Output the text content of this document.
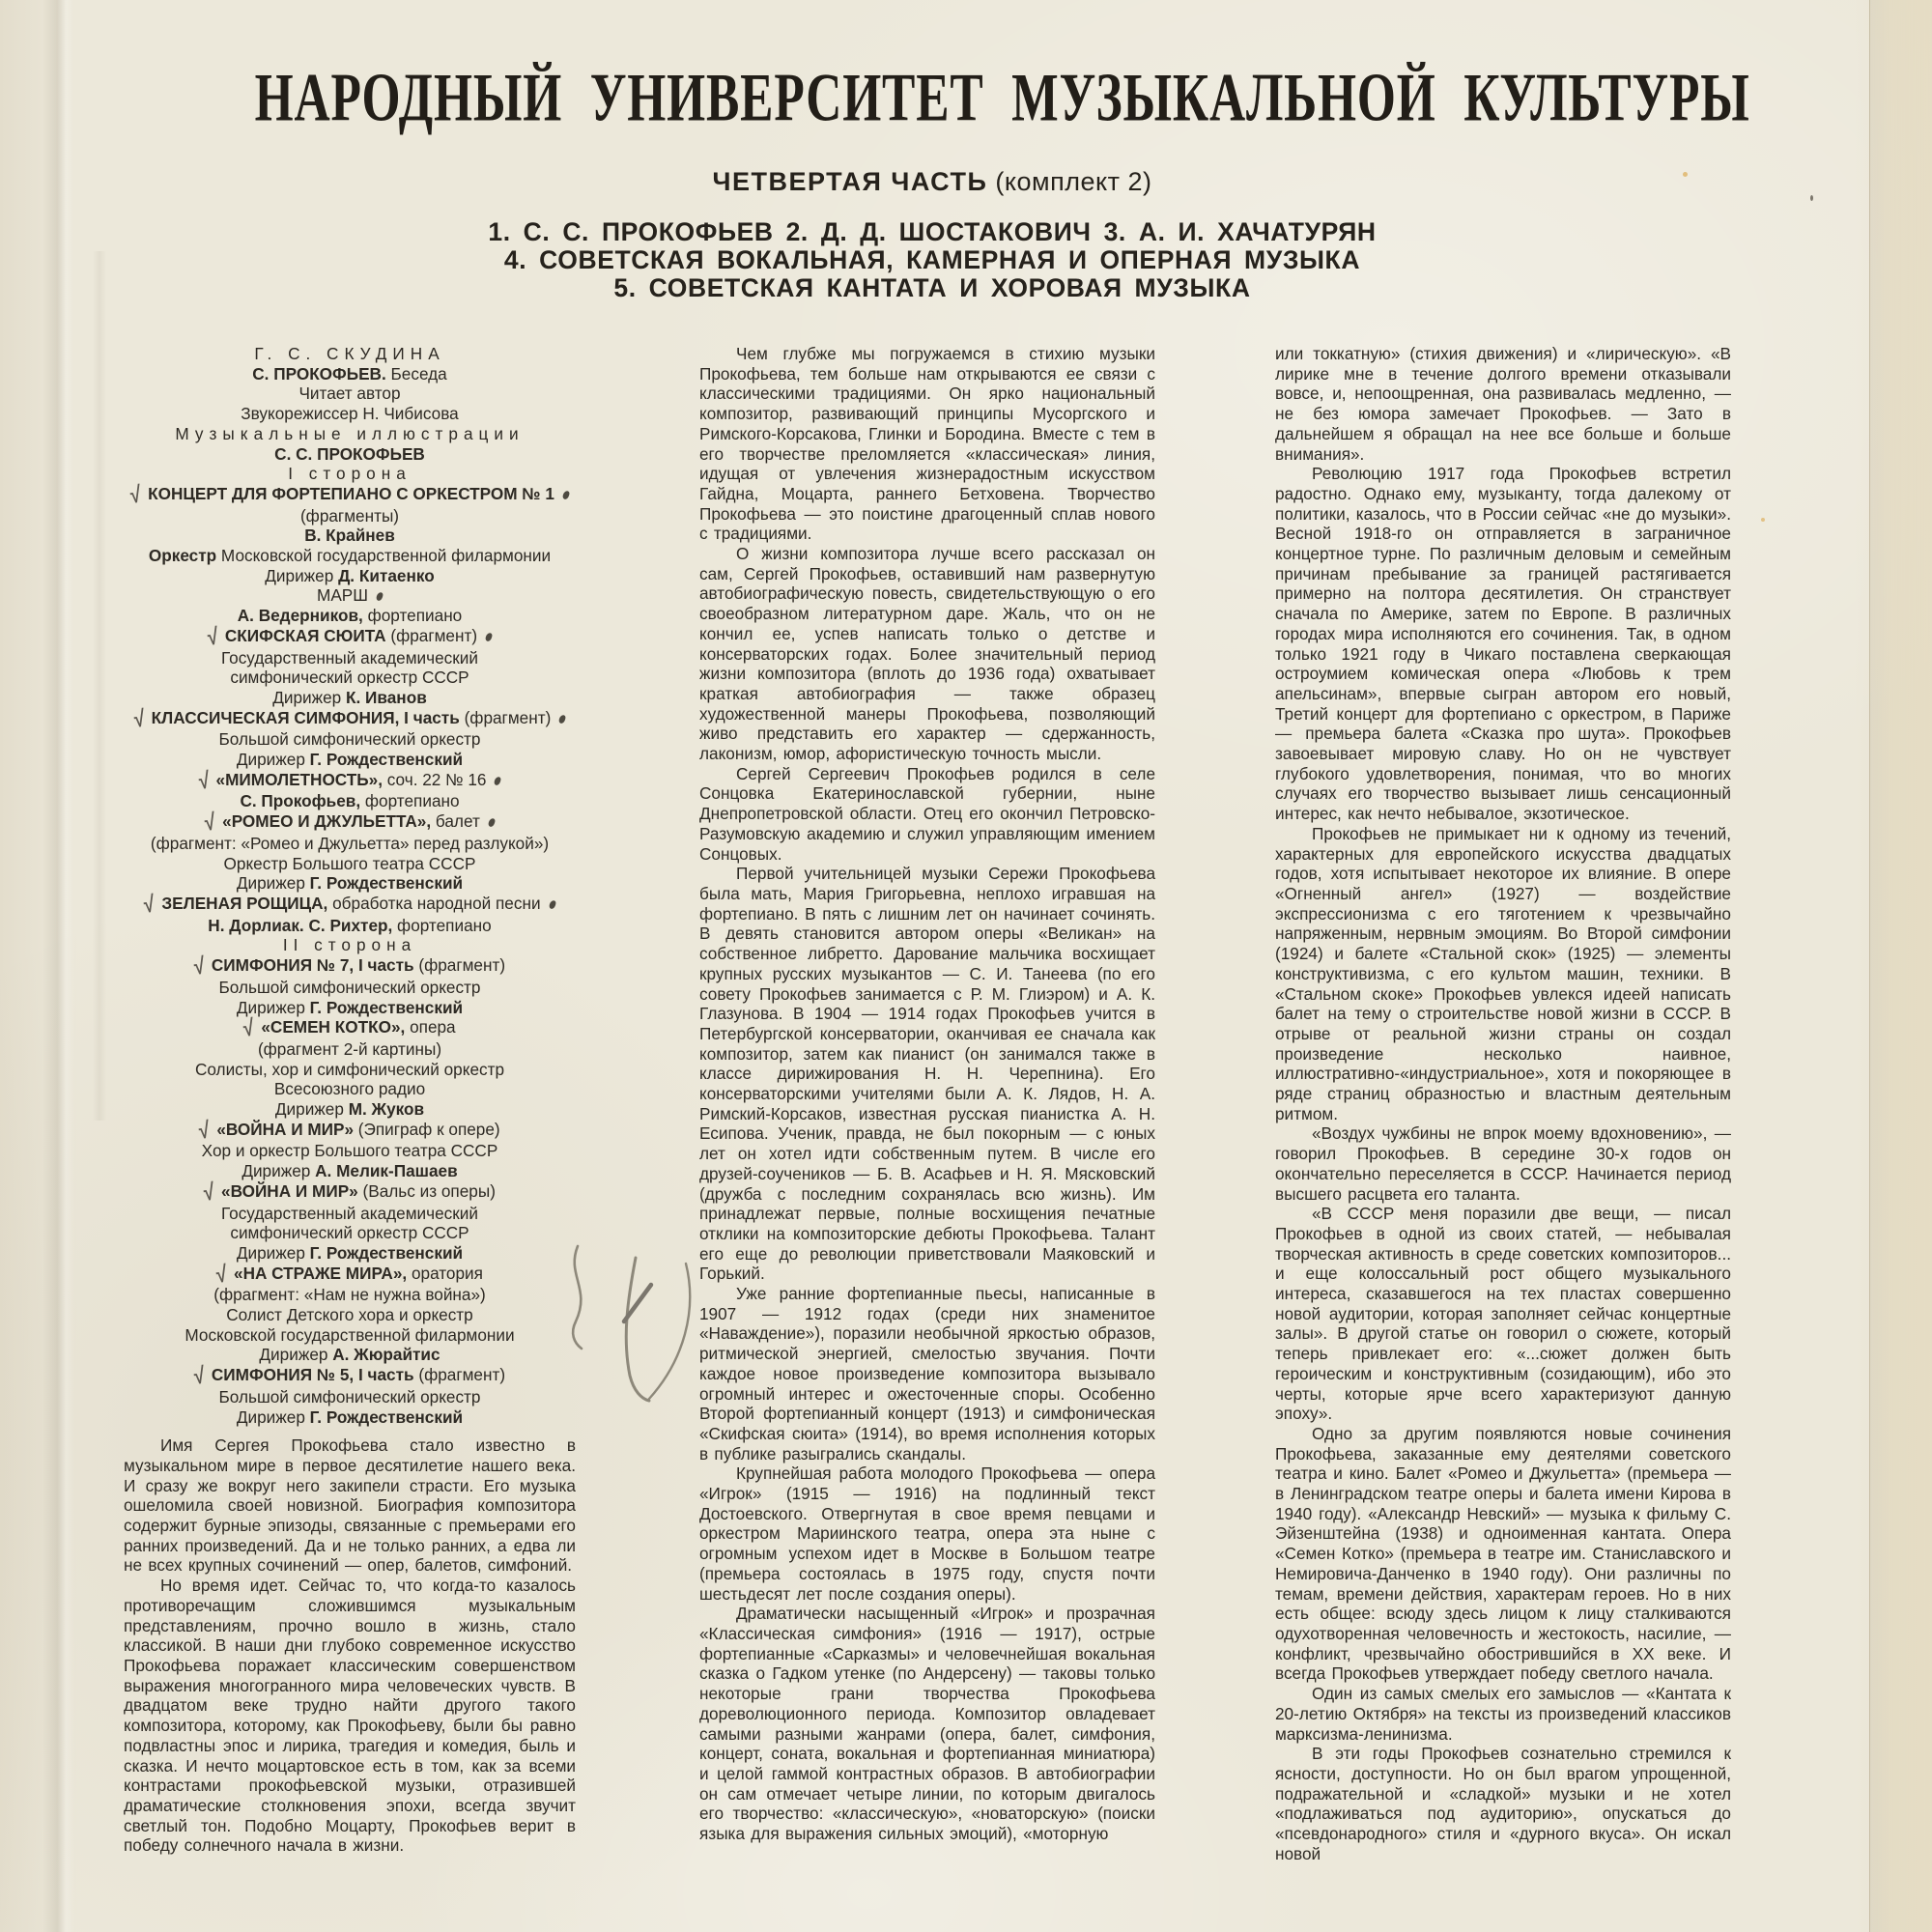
НАРОДНЫЙ УНИВЕРСИТЕТ МУЗЫКАЛЬНОЙ КУЛЬТУРЫ
ЧЕТВЕРТАЯ ЧАСТЬ (комплект 2)
1. С. С. ПРОКОФЬЕВ 2. Д. Д. ШОСТАКОВИЧ 3. А. И. ХАЧАТУРЯН
4. СОВЕТСКАЯ ВОКАЛЬНАЯ, КАМЕРНАЯ И ОПЕРНАЯ МУЗЫКА
5. СОВЕТСКАЯ КАНТАТА И ХОРОВАЯ МУЗЫКА
Г. С. СКУДИНА
С. ПРОКОФЬЕВ. Беседа
Читает автор
Звукорежиссер Н. Чибисова
Музыкальные иллюстрации
С. С. ПРОКОФЬЕВ
I сторона
√ КОНЦЕРТ ДЛЯ ФОРТЕПИАНО С ОРКЕСТРОМ № 1
(фрагменты)
В. Крайнев
Оркестр Московской государственной филармонии
Дирижер Д. Китаенко
МАРШ
А. Ведерников, фортепиано
√ СКИФСКАЯ СЮИТА (фрагмент)
Государственный академический
симфонический оркестр СССР
Дирижер К. Иванов
√ КЛАССИЧЕСКАЯ СИМФОНИЯ, I часть (фрагмент)
Большой симфонический оркестр
Дирижер Г. Рождественский
√ «МИМОЛЕТНОСТЬ», соч. 22 № 16
С. Прокофьев, фортепиано
√ «РОМЕО И ДЖУЛЬЕТТА», балет
(фрагмент: «Ромео и Джульетта» перед разлукой»)
Оркестр Большого театра СССР
Дирижер Г. Рождественский
√ ЗЕЛЕНАЯ РОЩИЦА, обработка народной песни
Н. Дорлиак. С. Рихтер, фортепиано
II сторона
√ СИМФОНИЯ № 7, I часть (фрагмент)
Большой симфонический оркестр
Дирижер Г. Рождественский
√ «СЕМЕН КОТКО», опера
(фрагмент 2-й картины)
Солисты, хор и симфонический оркестр
Всесоюзного радио
Дирижер М. Жуков
√ «ВОЙНА И МИР» (Эпиграф к опере)
Хор и оркестр Большого театра СССР
Дирижер А. Мелик-Пашаев
√ «ВОЙНА И МИР» (Вальс из оперы)
Государственный академический
симфонический оркестр СССР
Дирижер Г. Рождественский
√ «НА СТРАЖЕ МИРА», оратория
(фрагмент: «Нам не нужна война»)
Солист Детского хора и оркестр
Московской государственной филармонии
Дирижер А. Жюрайтис
√ СИМФОНИЯ № 5, I часть (фрагмент)
Большой симфонический оркестр
Дирижер Г. Рождественский

Имя Сергея Прокофьева стало известно в музыкальном мире в первое десятилетие нашего века. И сразу же вокруг него закипели страсти. Его музыка ошеломила своей новизной. Биография композитора содержит бурные эпизоды, связанные с премьерами его ранних произведений. Да и не только ранних, а едва ли не всех крупных сочинений — опер, балетов, симфоний.

Но время идет. Сейчас то, что когда-то казалось противоречащим сложившимся музыкальным представлениям, прочно вошло в жизнь, стало классикой. В наши дни глубоко современное искусство Прокофьева поражает классическим совершенством выражения многогранного мира человеческих чувств. В двадцатом веке трудно найти другого такого композитора, которому, как Прокофьеву, были бы равно подвластны эпос и лирика, трагедия и комедия, быль и сказка. И нечто моцартовское есть в том, как за всеми контрастами прокофьевской музыки, отразившей драматические столкновения эпохи, всегда звучит светлый тон. Подобно Моцарту, Прокофьев верит в победу солнечного начала в жизни.

Чем глубже мы погружаемся в стихию музыки Прокофьева, тем больше нам открываются ее связи с классическими традициями. Он ярко национальный композитор, развивающий принципы Мусоргского и Римского-Корсакова, Глинки и Бородина. Вместе с тем в его творчестве преломляется «классическая» линия, идущая от увлечения жизнерадостным искусством Гайдна, Моцарта, раннего Бетховена. Творчество Прокофьева — это поистине драгоценный сплав нового с традициями.

О жизни композитора лучше всего рассказал он сам, Сергей Прокофьев, оставивший нам развернутую автобиографическую повесть, свидетельствующую о его своеобразном литературном даре. Жаль, что он не кончил ее, успев написать только о детстве и консерваторских годах. Более значительный период жизни композитора (вплоть до 1936 года) охватывает краткая автобиография — также образец художественной манеры Прокофьева, позволяющий живо представить его характер — сдержанность, лаконизм, юмор, афористическую точность мысли.

Сергей Сергеевич Прокофьев родился в селе Сонцовка Екатеринославской губернии, ныне Днепропетровской области. Отец его окончил Петровско-Разумовскую академию и служил управляющим имением Сонцовых.

Первой учительницей музыки Сережи Прокофьева была мать, Мария Григорьевна, неплохо игравшая на фортепиано. В пять с лишним лет он начинает сочинять. В девять становится автором оперы «Великан» на собственное либретто. Дарование мальчика восхищает крупных русских музыкантов — С. И. Танеева (по его совету Прокофьев занимается с Р. М. Глиэром) и А. К. Глазунова. В 1904 — 1914 годах Прокофьев учится в Петербургской консерватории, оканчивая ее сначала как композитор, затем как пианист (он занимался также в классе дирижирования Н. Н. Черепнина). Его консерваторскими учителями были А. К. Лядов, Н. А. Римский-Корсаков, известная русская пианистка А. Н. Есипова. Ученик, правда, не был покорным — с юных лет он хотел идти собственным путем. В числе его друзей-соучеников — Б. В. Асафьев и Н. Я. Мясковский (дружба с последним сохранялась всю жизнь). Им принадлежат первые, полные восхищения печатные отклики на композиторские дебюты Прокофьева. Талант его еще до революции приветствовали Маяковский и Горький.

Уже ранние фортепианные пьесы, написанные в 1907 — 1912 годах (среди них знаменитое «Наваждение»), поразили необычной яркостью образов, ритмической энергией, смелостью звучания. Почти каждое новое произведение композитора вызывало огромный интерес и ожесточенные споры. Особенно Второй фортепианный концерт (1913) и симфоническая «Скифская сюита» (1914), во время исполнения которых в публике разыгрались скандалы.

Крупнейшая работа молодого Прокофьева — опера «Игрок» (1915 — 1916) на подлинный текст Достоевского. Отвергнутая в свое время певцами и оркестром Мариинского театра, опера эта ныне с огромным успехом идет в Москве в Большом театре (премьера состоялась в 1975 году, спустя почти шестьдесят лет после создания оперы).

Драматически насыщенный «Игрок» и прозрачная «Классическая симфония» (1916 — 1917), острые фортепианные «Сарказмы» и человечнейшая вокальная сказка о Гадком утенке (по Андерсену) — таковы только некоторые грани творчества Прокофьева дореволюционного периода. Композитор овладевает самыми разными жанрами (опера, балет, симфония, концерт, соната, вокальная и фортепианная миниатюра) и целой гаммой контрастных образов. В автобиографии он сам отмечает четыре линии, по которым двигалось его творчество: «классическую», «новаторскую» (поиски языка для выражения сильных эмоций), «моторную

или токкатную» (стихия движения) и «лирическую». «В лирике мне в течение долгого времени отказывали вовсе, и, непоощренная, она развивалась медленно, — не без юмора замечает Прокофьев. — Зато в дальнейшем я обращал на нее все больше и больше внимания».

Революцию 1917 года Прокофьев встретил радостно. Однако ему, музыканту, тогда далекому от политики, казалось, что в России сейчас «не до музыки». Весной 1918-го он отправляется в заграничное концертное турне. По различным деловым и семейным причинам пребывание за границей растягивается примерно на полтора десятилетия. Он странствует сначала по Америке, затем по Европе. В различных городах мира исполняются его сочинения. Так, в одном только 1921 году в Чикаго поставлена сверкающая остроумием комическая опера «Любовь к трем апельсинам», впервые сыгран автором его новый, Третий концерт для фортепиано с оркестром, в Париже — премьера балета «Сказка про шута». Прокофьев завоевывает мировую славу. Но он не чувствует глубокого удовлетворения, понимая, что во многих случаях его творчество вызывает лишь сенсационный интерес, как нечто небывалое, экзотическое.

Прокофьев не примыкает ни к одному из течений, характерных для европейского искусства двадцатых годов, хотя испытывает некоторое их влияние. В опере «Огненный ангел» (1927) — воздействие экспрессионизма с его тяготением к чрезвычайно напряженным, нервным эмоциям. Во Второй симфонии (1924) и балете «Стальной скок» (1925) — элементы конструктивизма, с его культом машин, техники. В «Стальном скоке» Прокофьев увлекся идеей написать балет на тему о строительстве новой жизни в СССР. В отрыве от реальной жизни страны он создал произведение несколько наивное, иллюстративно-«индустриальное», хотя и покоряющее в ряде страниц образностью и властным деятельным ритмом.

«Воздух чужбины не впрок моему вдохновению», — говорил Прокофьев. В середине 30-х годов он окончательно переселяется в СССР. Начинается период высшего расцвета его таланта.

«В СССР меня поразили две вещи, — писал Прокофьев в одной из своих статей, — небывалая творческая активность в среде советских композиторов... и еще колоссальный рост общего музыкального интереса, сказавшегося на тех пластах совершенно новой аудитории, которая заполняет сейчас концертные залы». В другой статье он говорил о сюжете, который теперь привлекает его: «...сюжет должен быть героическим и конструктивным (созидающим), ибо это черты, которые ярче всего характеризуют данную эпоху».

Одно за другим появляются новые сочинения Прокофьева, заказанные ему деятелями советского театра и кино. Балет «Ромео и Джульетта» (премьера — в Ленинградском театре оперы и балета имени Кирова в 1940 году). «Александр Невский» — музыка к фильму С. Эйзенштейна (1938) и одноименная кантата. Опера «Семен Котко» (премьера в театре им. Станиславского и Немировича-Данченко в 1940 году). Они различны по темам, времени действия, характерам героев. Но в них есть общее: всюду здесь лицом к лицу сталкиваются одухотворенная человечность и жестокость, насилие, — конфликт, чрезвычайно обострившийся в XX веке. И всегда Прокофьев утверждает победу светлого начала.

Один из самых смелых его замыслов — «Кантата к 20-летию Октября» на тексты из произведений классиков марксизма-ленинизма.

В эти годы Прокофьев сознательно стремился к ясности, доступности. Но он был врагом упрощенной, подражательной и «сладкой» музыки и не хотел «подлаживаться под аудиторию», опускаться до «псевдонародного» стиля и «дурного вкуса». Он искал новой
